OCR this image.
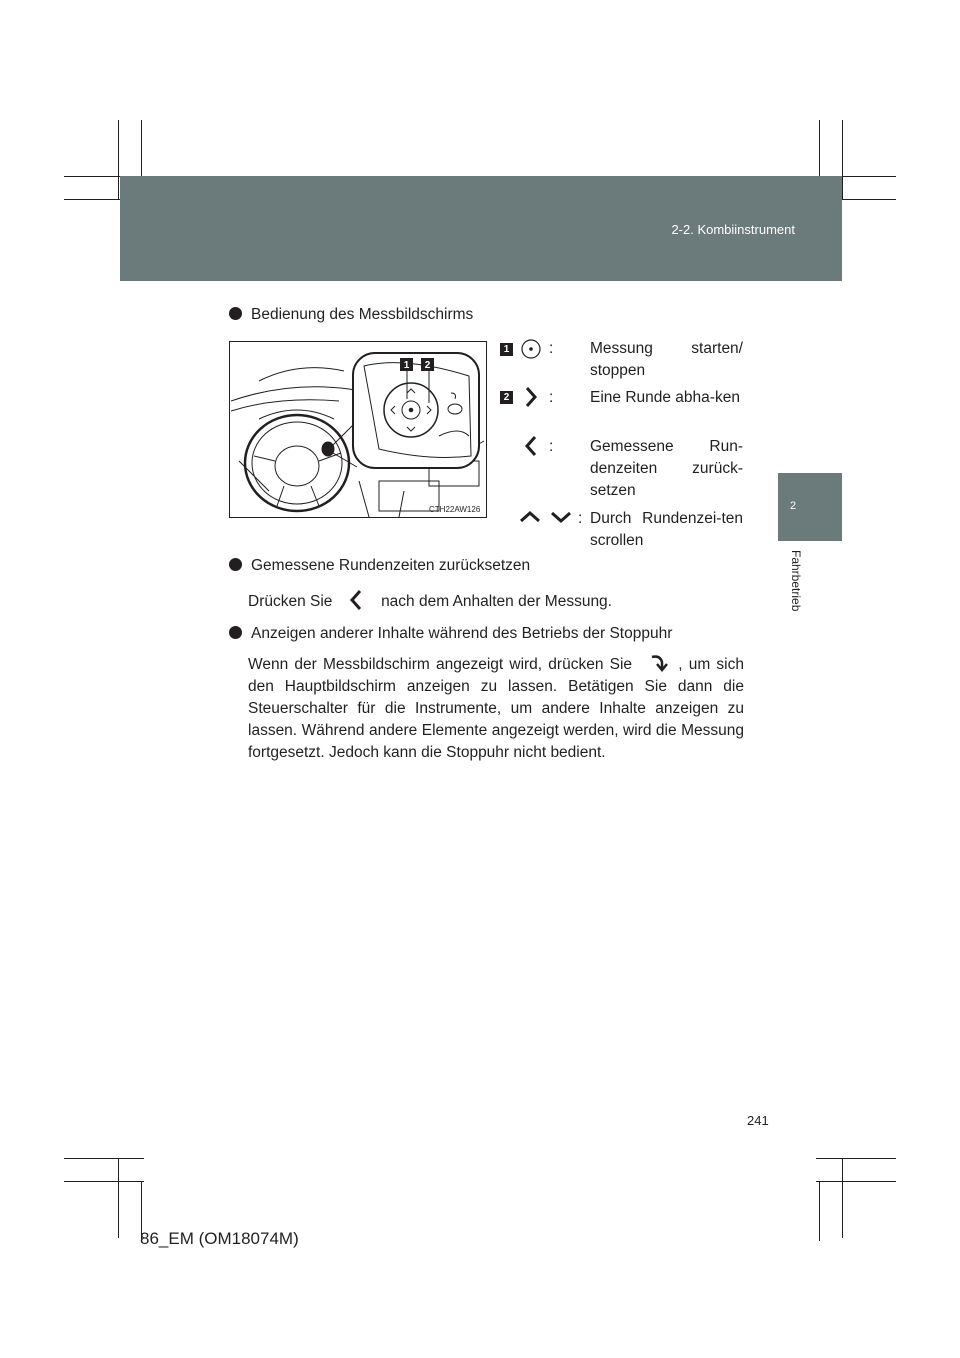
2-2. Kombiinstrument
2
Fahrbetrieb
Bedienung des Messbildschirms
1 2
CTH22AW126
1	: Messung starten/ stoppen
2	: Eine Runde abha-ken
: Gemessene Run-denzeiten zurück-setzen
: Durch Rundenzei-ten scrollen
Gemessene Rundenzeiten zurücksetzen
Drücken Sie	nach dem Anhalten der Messung.
Anzeigen anderer Inhalte während des Betriebs der Stoppuhr
Wenn der Messbildschirm angezeigt wird, drücken Sie	, um sich den Hauptbildschirm anzeigen zu lassen. Betätigen Sie dann die Steuerschalter für die Instrumente, um andere Inhalte anzeigen zu lassen. Während andere Elemente angezeigt werden, wird die Messung fortgesetzt. Jedoch kann die Stoppuhr nicht bedient.
241
86_EM (OM18074M)
